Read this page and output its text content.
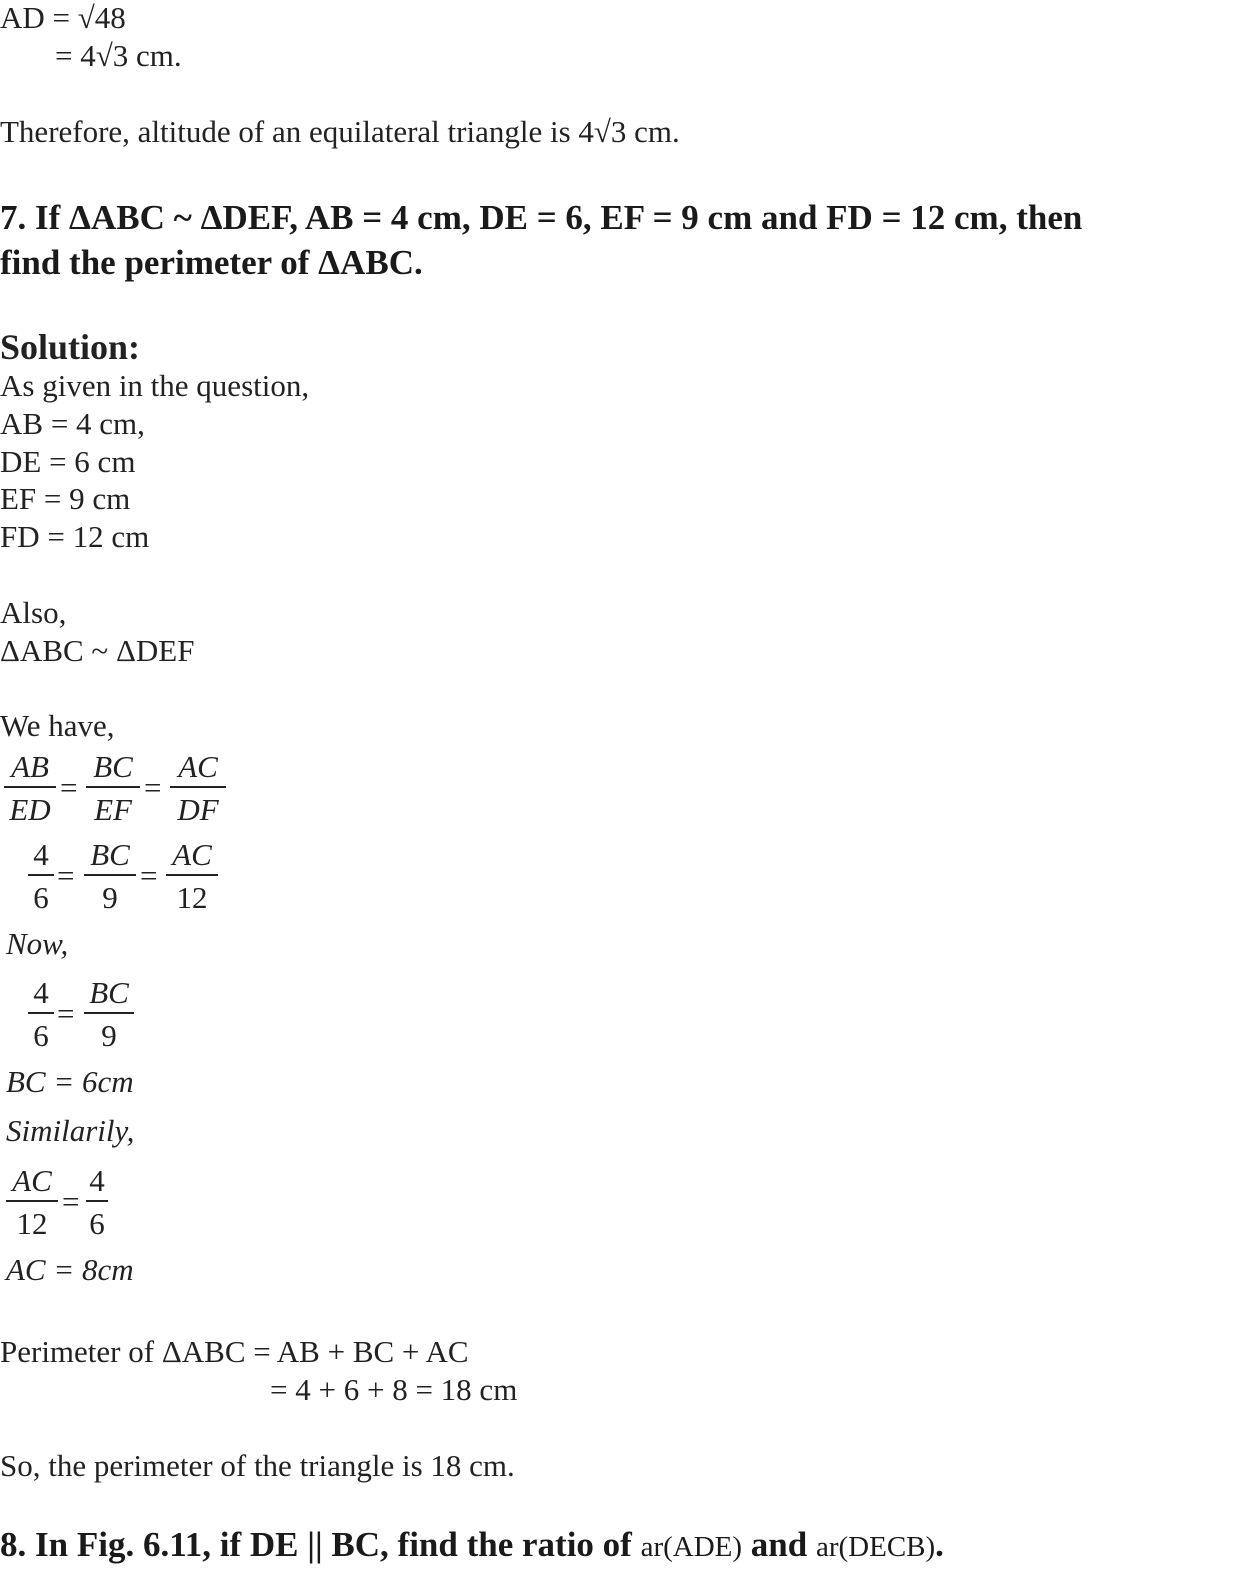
AD = √48
= 4√3 cm.
Therefore, altitude of an equilateral triangle is 4√3 cm.
7. If ΔABC ~ ΔDEF, AB = 4 cm, DE = 6, EF = 9 cm and FD = 12 cm, then
find the perimeter of ΔABC.
Solution:
As given in the question,
AB = 4 cm,
DE = 6 cm
EF = 9 cm
FD = 12 cm
Also,
ΔABC ~ ΔDEF
We have,
AB
ED
=
BC
EF
=
AC
DF
4
6
=
BC
9
=
AC
12
Now,
4
6
=
BC
9
BC = 6cm
Similarily,
AC
12
=
4
6
AC = 8cm
Perimeter of ΔABC = AB + BC + AC
= 4 + 6 + 8 = 18 cm
So, the perimeter of the triangle is 18 cm.
8. In Fig. 6.11, if DE || BC, find the ratio of ar(ADE) and ar(DECB).
